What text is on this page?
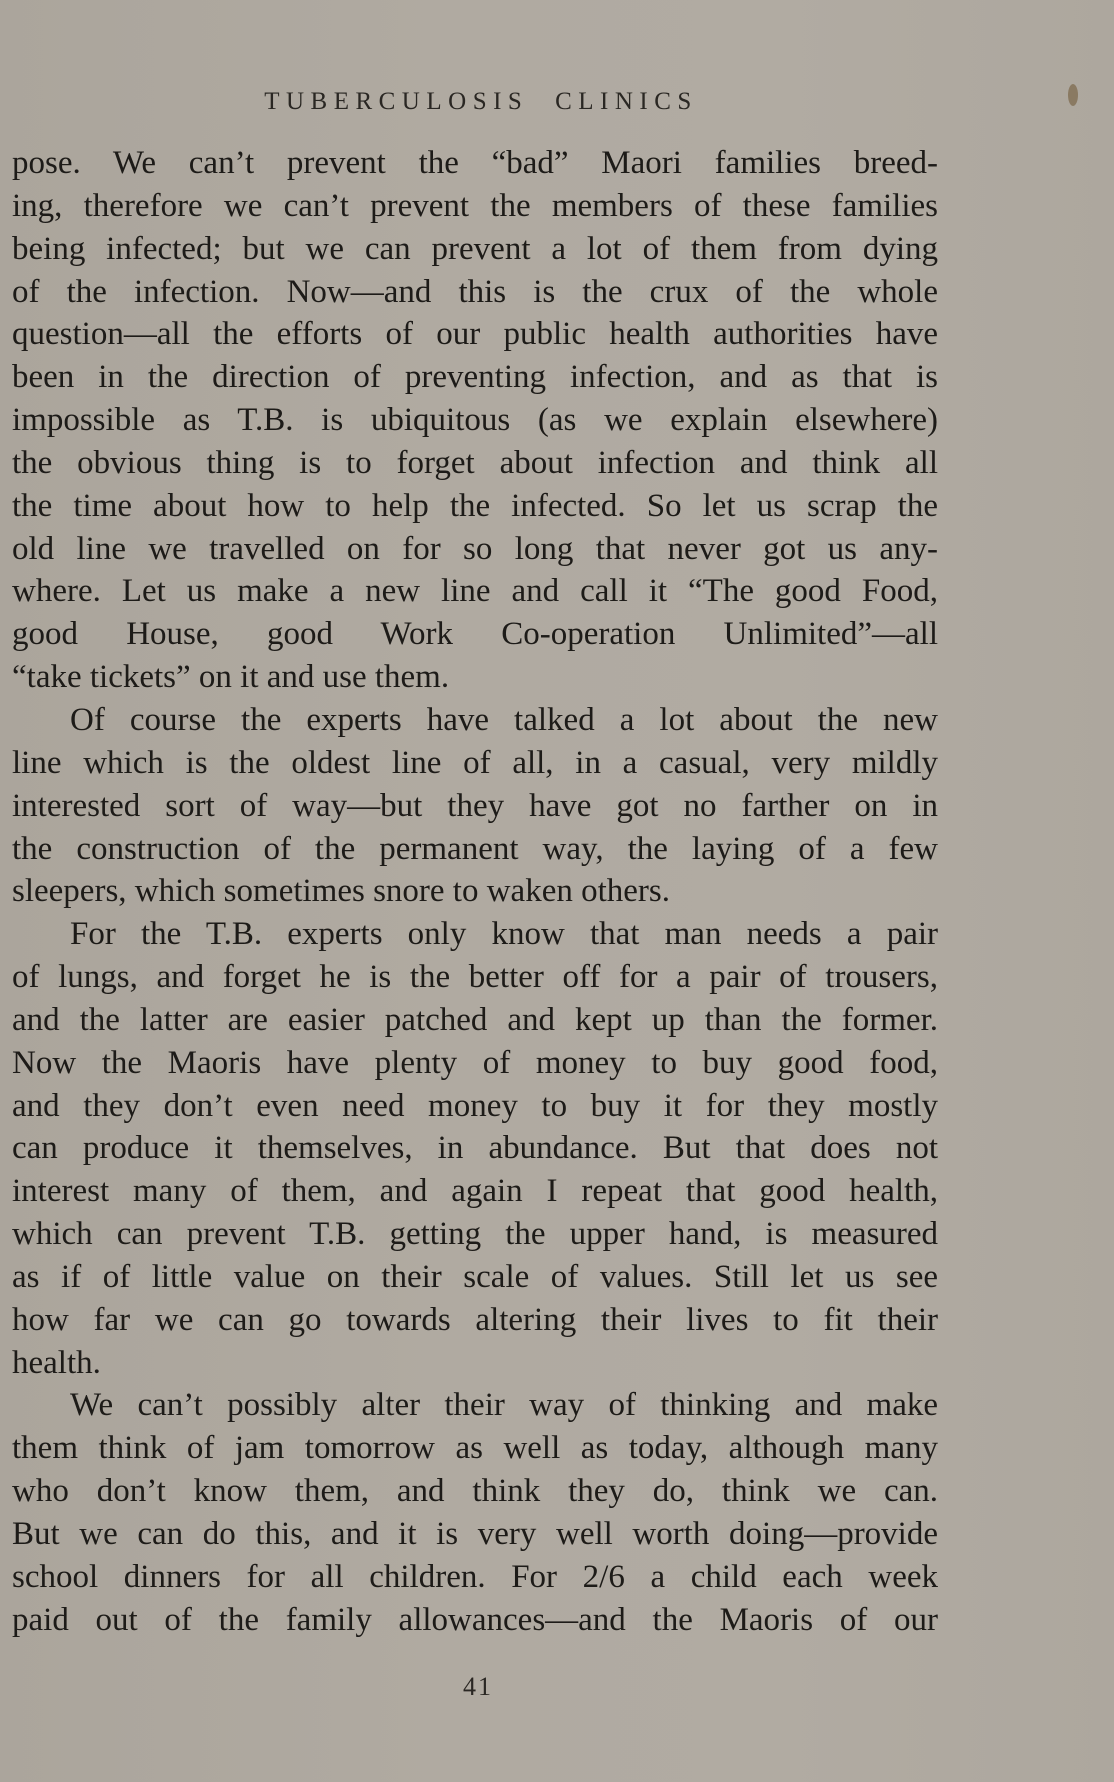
TUBERCULOSIS CLINICS
pose. We can’t prevent the “bad” Maori families breed-
ing, therefore we can’t prevent the members of these families
being infected; but we can prevent a lot of them from dying
of the infection. Now—and this is the crux of the whole
question—all the efforts of our public health authorities have
been in the direction of preventing infection, and as that is
impossible as T.B. is ubiquitous (as we explain elsewhere)
the obvious thing is to forget about infection and think all
the time about how to help the infected. So let us scrap the
old line we travelled on for so long that never got us any-
where. Let us make a new line and call it “The good Food,
good House, good Work Co-operation Unlimited”—all
“take tickets” on it and use them.
Of course the experts have talked a lot about the new
line which is the oldest line of all, in a casual, very mildly
interested sort of way—but they have got no farther on in
the construction of the permanent way, the laying of a few
sleepers, which sometimes snore to waken others.
For the T.B. experts only know that man needs a pair
of lungs, and forget he is the better off for a pair of trousers,
and the latter are easier patched and kept up than the former.
Now the Maoris have plenty of money to buy good food,
and they don’t even need money to buy it for they mostly
can produce it themselves, in abundance. But that does not
interest many of them, and again I repeat that good health,
which can prevent T.B. getting the upper hand, is measured
as if of little value on their scale of values. Still let us see
how far we can go towards altering their lives to fit their
health.
We can’t possibly alter their way of thinking and make
them think of jam tomorrow as well as today, although many
who don’t know them, and think they do, think we can.
But we can do this, and it is very well worth doing—provide
school dinners for all children. For 2/6 a child each week
paid out of the family allowances—and the Maoris of our
41
